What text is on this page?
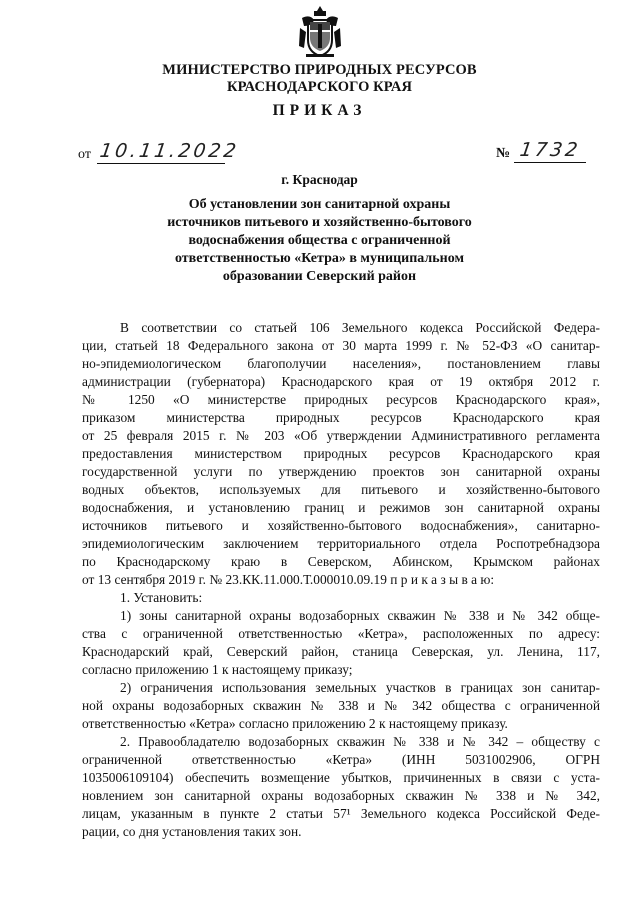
МИНИСТЕРСТВО ПРИРОДНЫХ РЕСУРСОВ
КРАСНОДАРСКОГО КРАЯ
ПРИКАЗ
от 10.11.2022	№ 1732
г. Краснодар
Об установлении зон санитарной охраны
источников питьевого и хозяйственно-бытового
водоснабжения общества с ограниченной
ответственностью «Кетра» в муниципальном
образовании Северский район
В соответствии со статьей 106 Земельного кодекса Российской Федера-
ции, статьей 18 Федерального закона от 30 марта 1999 г. № 52-ФЗ «О санитар-
но-эпидемиологическом благополучии населения», постановлением главы
администрации (губернатора) Краснодарского края от 19 октября 2012 г.
№ 1250 «О министерстве природных ресурсов Краснодарского края»,
приказом министерства природных ресурсов Краснодарского края
от 25 февраля 2015 г. № 203 «Об утверждении Административного регламента
предоставления министерством природных ресурсов Краснодарского края
государственной услуги по утверждению проектов зон санитарной охраны
водных объектов, используемых для питьевого и хозяйственно-бытового
водоснабжения, и установлению границ и режимов зон санитарной охраны
источников питьевого и хозяйственно-бытового водоснабжения», санитарно-
эпидемиологическим заключением территориального отдела Роспотребнадзора
по Краснодарскому краю в Северском, Абинском, Крымском районах
от 13 сентября 2019 г. № 23.КК.11.000.Т.000010.09.19 п р и к а з ы в а ю:
1. Установить:
1) зоны санитарной охраны водозаборных скважин № 338 и № 342 обще-
ства с ограниченной ответственностью «Кетра», расположенных по адресу:
Краснодарский край, Северский район, станица Северская, ул. Ленина, 117,
согласно приложению 1 к настоящему приказу;
2) ограничения использования земельных участков в границах зон санитар-
ной охраны водозаборных скважин № 338 и № 342 общества с ограниченной
ответственностью «Кетра» согласно приложению 2 к настоящему приказу.
2. Правообладателю водозаборных скважин № 338 и № 342 – обществу с
ограниченной ответственностью «Кетра» (ИНН 5031002906, ОГРН
1035006109104) обеспечить возмещение убытков, причиненных в связи с уста-
новлением зон санитарной охраны водозаборных скважин № 338 и № 342,
лицам, указанным в пункте 2 статьи 57¹ Земельного кодекса Российской Феде-
рации, со дня установления таких зон.
